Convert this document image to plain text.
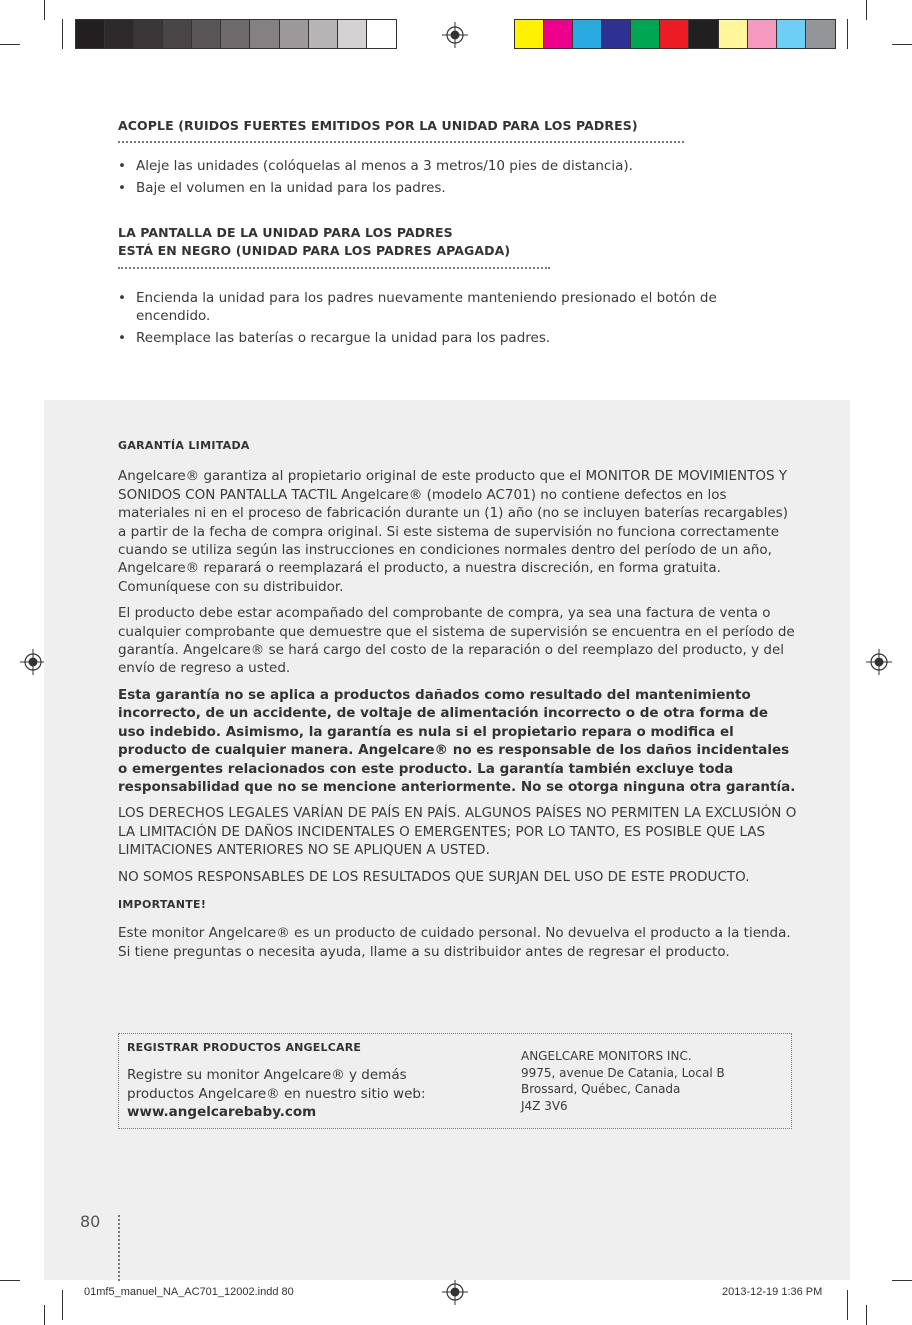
ACOPLE (RUIDOS FUERTES EMITIDOS POR LA UNIDAD PARA LOS PADRES)
• Aleje las unidades (colóquelas al menos a 3 metros/10 pies de distancia).
• Baje el volumen en la unidad para los padres.
LA PANTALLA DE LA UNIDAD PARA LOS PADRES
ESTÁ EN NEGRO (UNIDAD PARA LOS PADRES APAGADA)
• Encienda la unidad para los padres nuevamente manteniendo presionado el botón de encendido.
• Reemplace las baterías o recargue la unidad para los padres.
GARANTÍA LIMITADA

Angelcare® garantiza al propietario original de este producto que el MONITOR DE MOVIMIENTOS Y SONIDOS CON PANTALLA TACTIL Angelcare® (modelo AC701) no contiene defectos en los materiales ni en el proceso de fabricación durante un (1) año (no se incluyen baterías recargables) a partir de la fecha de compra original. Si este sistema de supervisión no funciona correctamente cuando se utiliza según las instrucciones en condiciones normales dentro del período de un año, Angelcare® reparará o reemplazará el producto, a nuestra discreción, en forma gratuita. Comuníquese con su distribuidor.

El producto debe estar acompañado del comprobante de compra, ya sea una factura de venta o cualquier comprobante que demuestre que el sistema de supervisión se encuentra en el período de garantía. Angelcare® se hará cargo del costo de la reparación o del reemplazo del producto, y del envío de regreso a usted.

Esta garantía no se aplica a productos dañados como resultado del mantenimiento incorrecto, de un accidente, de voltaje de alimentación incorrecto o de otra forma de uso indebido. Asimismo, la garantía es nula si el propietario repara o modifica el producto de cualquier manera. Angelcare® no es responsable de los daños incidentales o emergentes relacionados con este producto. La garantía también excluye toda responsabilidad que no se mencione anteriormente. No se otorga ninguna otra garantía.

LOS DERECHOS LEGALES VARÍAN DE PAÍS EN PAÍS. ALGUNOS PAÍSES NO PERMITEN LA EXCLUSIÓN O LA LIMITACIÓN DE DAÑOS INCIDENTALES O EMERGENTES; POR LO TANTO, ES POSIBLE QUE LAS LIMITACIONES ANTERIORES NO SE APLIQUEN A USTED.

NO SOMOS RESPONSABLES DE LOS RESULTADOS QUE SURJAN DEL USO DE ESTE PRODUCTO.

IMPORTANTE!

Este monitor Angelcare® es un producto de cuidado personal. No devuelva el producto a la tienda. Si tiene preguntas o necesita ayuda, llame a su distribuidor antes de regresar el producto.

REGISTRAR PRODUCTOS ANGELCARE
Registre su monitor Angelcare® y demás productos Angelcare® en nuestro sitio web:
www.angelcarebaby.com
ANGELCARE MONITORS INC.
9975, avenue De Catania, Local B
Brossard, Québec, Canada
J4Z 3V6
80
01mf5_manuel_NA_AC701_12002.indd 80	2013-12-19 1:36 PM
